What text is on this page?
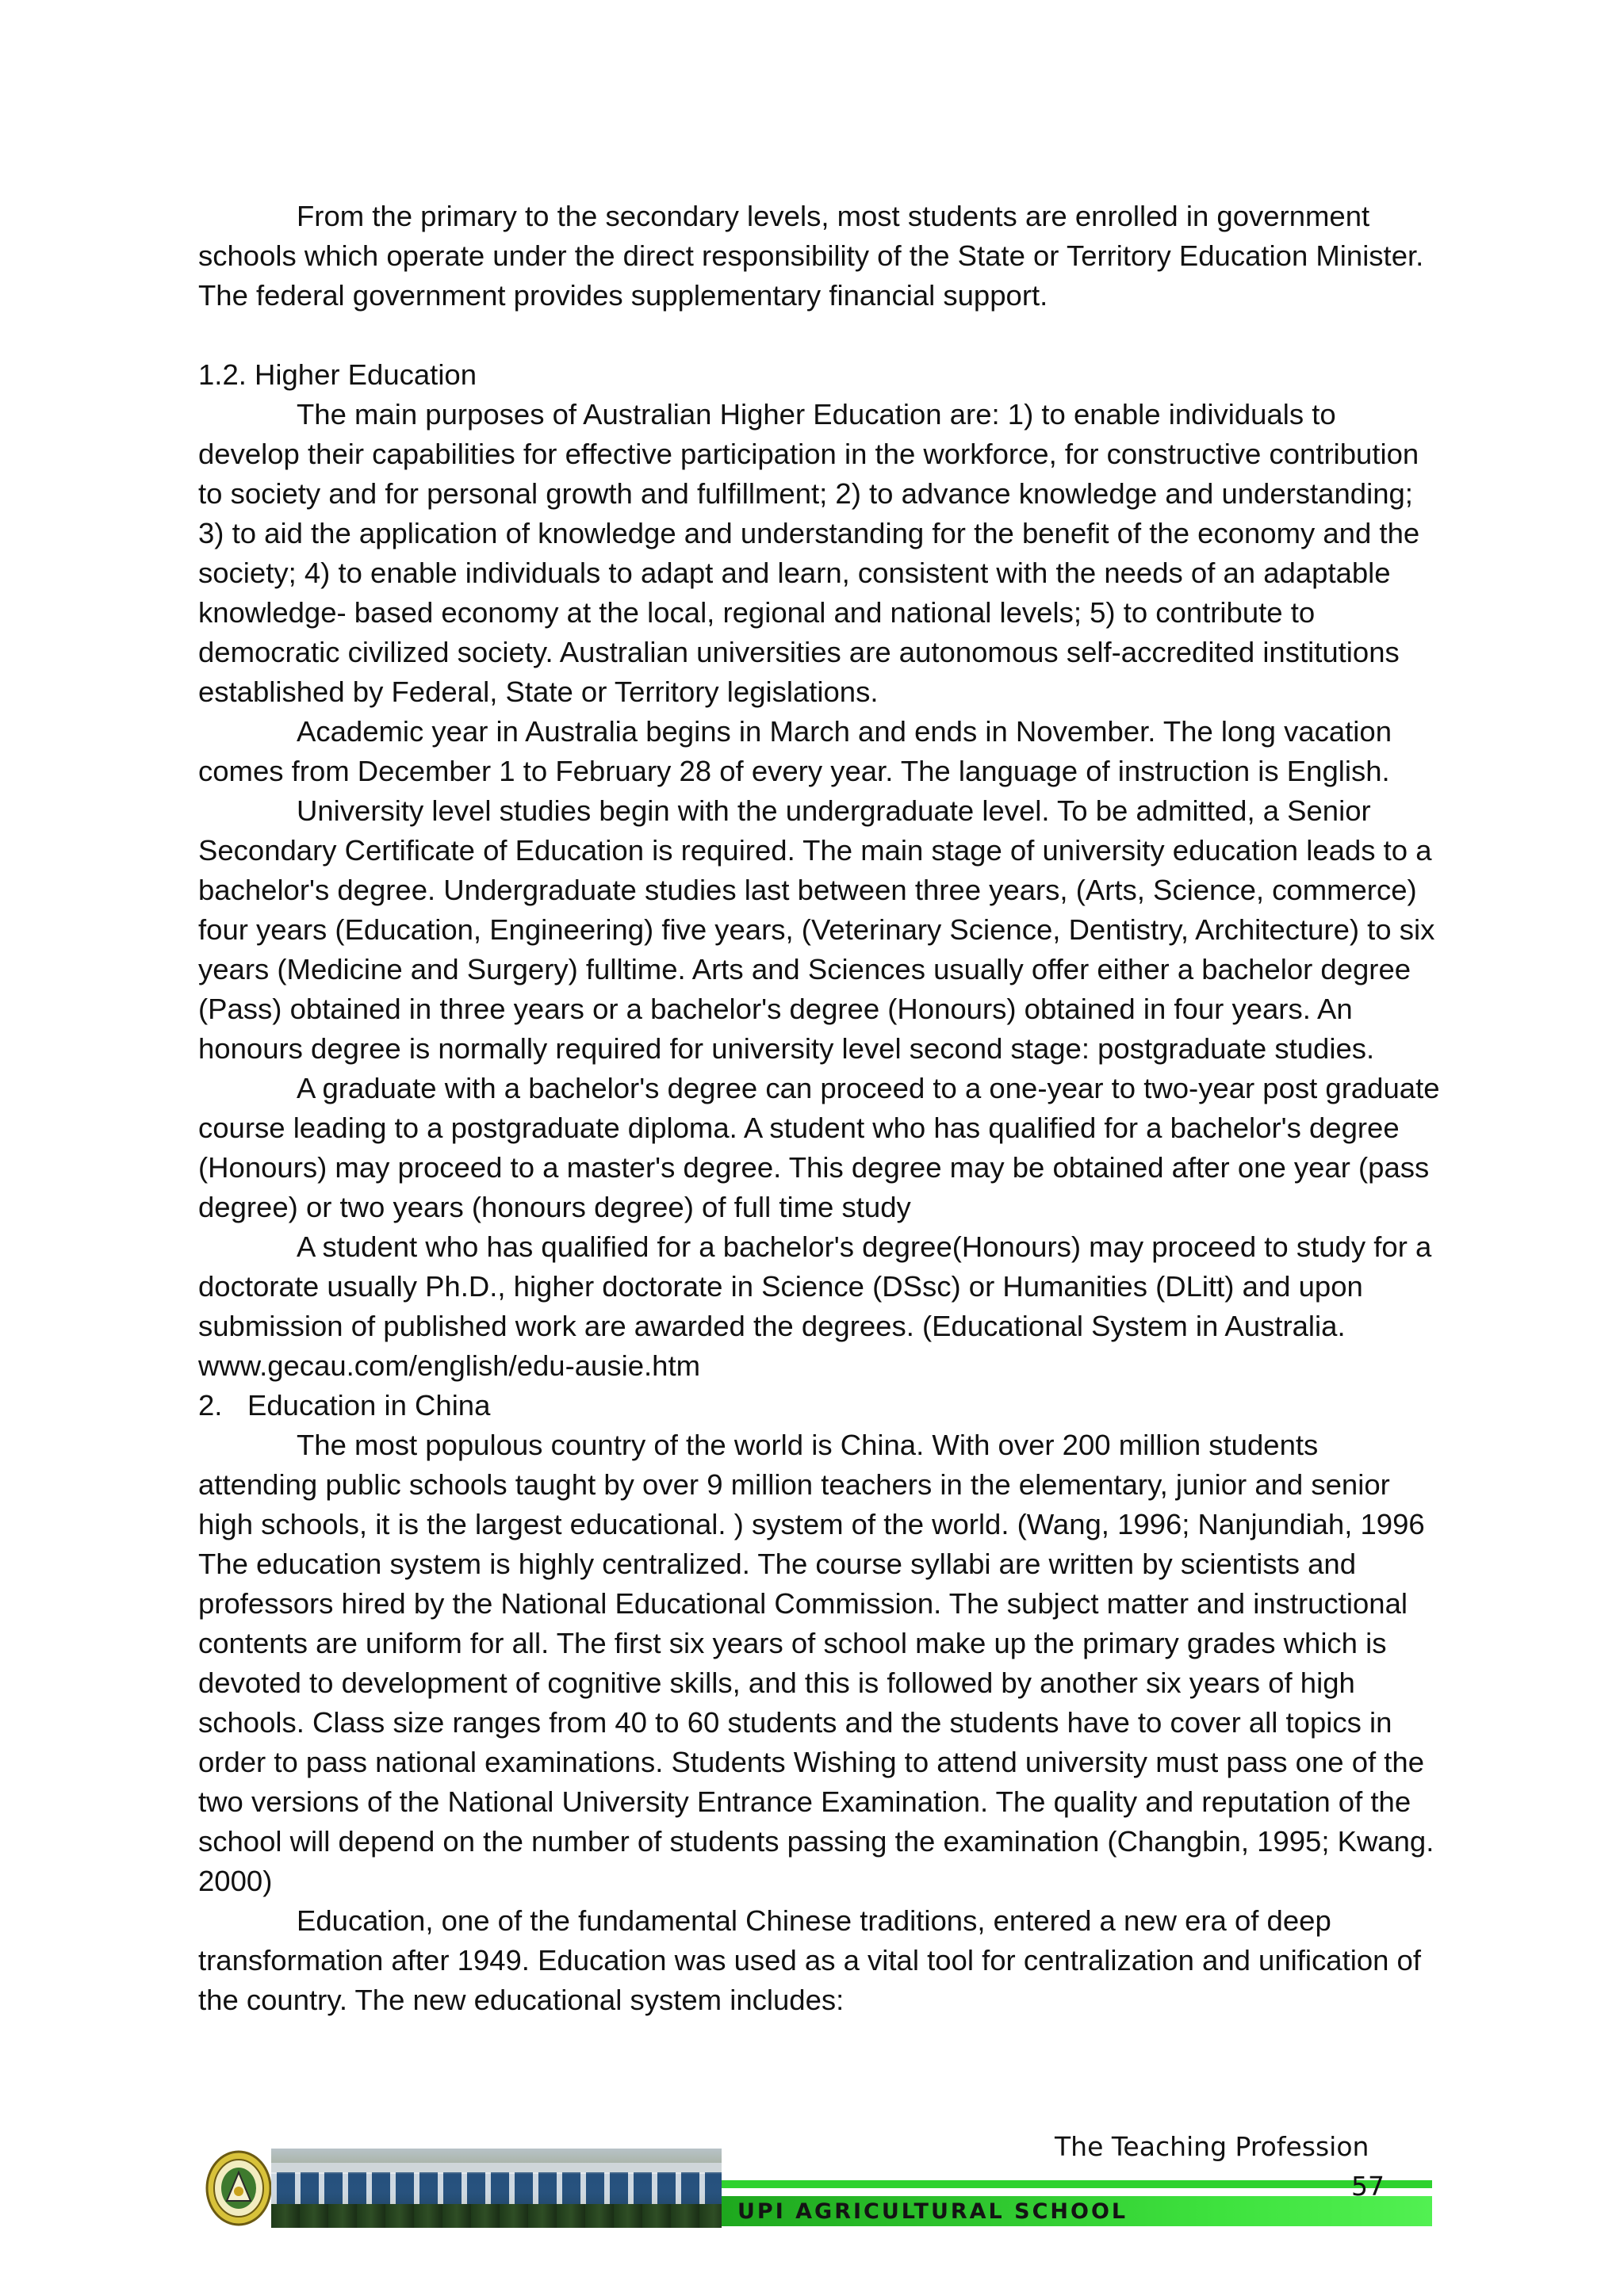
From the primary to the secondary levels, most students are enrolled in government schools which operate under the direct responsibility of the State or Territory Education Minister. The federal government provides supplementary financial support.

1.2. Higher Education

The main purposes of Australian Higher Education are: 1) to enable individuals to develop their capabilities for effective participation in the workforce, for constructive contribution to society and for personal growth and fulfillment; 2) to advance knowledge and understanding; 3) to aid the application of knowledge and understanding for the benefit of the economy and the society; 4) to enable individuals to adapt and learn, consistent with the needs of an adaptable knowledge- based economy at the local, regional and national levels; 5) to contribute to democratic civilized society. Australian universities are autonomous self-accredited institutions established by Federal, State or Territory legislations.

Academic year in Australia begins in March and ends in November. The long vacation comes from December 1 to February 28 of every year. The language of instruction is English.

University level studies begin with the undergraduate level. To be admitted, a Senior Secondary Certificate of Education is required. The main stage of university education leads to a bachelor's degree. Undergraduate studies last between three years, (Arts, Science, commerce) four years (Education, Engineering) five years, (Veterinary Science, Dentistry, Architecture) to six years (Medicine and Surgery) fulltime. Arts and Sciences usually offer either a bachelor degree (Pass) obtained in three years or a bachelor's degree (Honours) obtained in four years. An honours degree is normally required for university level second stage: postgraduate studies.

A graduate with a bachelor's degree can proceed to a one-year to two-year post graduate course leading to a postgraduate diploma. A student who has qualified for a bachelor's degree (Honours) may proceed to a master's degree. This degree may be obtained after one year (pass degree) or two years (honours degree) of full time study

A student who has qualified for a bachelor's degree(Honours) may proceed to study for a doctorate usually Ph.D., higher doctorate in Science (DSsc) or Humanities (DLitt) and upon submission of published work are awarded the degrees. (Educational System in Australia. www.gecau.com/english/edu-ausie.htm

2. Education in China

The most populous country of the world is China. With over 200 million students attending public schools taught by over 9 million teachers in the elementary, junior and senior high schools, it is the largest educational. ) system of the world. (Wang, 1996; Nanjundiah, 1996 The education system is highly centralized. The course syllabi are written by scientists and professors hired by the National Educational Commission. The subject matter and instructional contents are uniform for all. The first six years of school make up the primary grades which is devoted to development of cognitive skills, and this is followed by another six years of high schools. Class size ranges from 40 to 60 students and the students have to cover all topics in order to pass national examinations. Students Wishing to attend university must pass one of the two versions of the National University Entrance Examination. The quality and reputation of the school will depend on the number of students passing the examination (Changbin, 1995; Kwang. 2000)

Education, one of the fundamental Chinese traditions, entered a new era of deep transformation after 1949. Education was used as a vital tool for centralization and unification of the country. The new educational system includes:

UPI AGRICULTURAL SCHOOL
The Teaching Profession
57
